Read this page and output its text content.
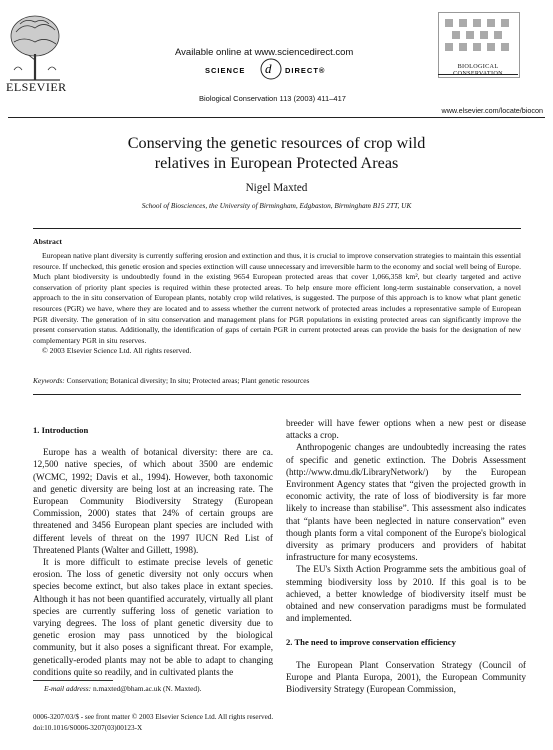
ELSEVIER
Available online at www.sciencedirect.com
SCIENCE d DIRECT®
Biological Conservation 113 (2003) 411–417
BIOLOGICAL
CONSERVATION
www.elsevier.com/locate/biocon
Conserving the genetic resources of crop wild
relatives in European Protected Areas
Nigel Maxted
School of Biosciences, the University of Birmingham, Edgbaston, Birmingham B15 2TT, UK
Abstract

European native plant diversity is currently suffering erosion and extinction and thus, it is crucial to improve conservation strategies to maintain this essential resource. If unchecked, this genetic erosion and species extinction will cause unnecessary and irreversible harm to the economy and social well being of Europe. Much plant biodiversity is undoubtedly found in the existing 9654 European protected areas that cover 1,066,358 km², but clearly targeted and active conservation of priority plant species is required within these protected areas. To help ensure more efficient long-term sustainable conservation, a novel approach to the in situ conservation of European plants, notably crop wild relatives, is suggested. The purpose of this approach is to know what plant genetic resources (PGR) we have, where they are located and to assess whether the current network of protected areas includes a representative sample of European PGR diversity. The generation of in situ conservation and management plans for PGR populations in existing protected areas can significantly improve the present conservation status. Additionally, the identification of gaps of certain PGR in current protected areas can provide the basis for the designation of new complementary PGR in situ reserves.

© 2003 Elsevier Science Ltd. All rights reserved.

Keywords: Conservation; Botanical diversity; In situ; Protected areas; Plant genetic resources
1. Introduction

Europe has a wealth of botanical diversity: there are ca. 12,500 native species, of which about 3500 are endemic (WCMC, 1992; Davis et al., 1994). However, both taxonomic and genetic diversity are being lost at an increasing rate. The European Community Biodiversity Strategy (European Commission, 2000) states that 24% of certain groups are threatened and 3456 European plant species are included with different levels of threat on the 1997 IUCN Red List of Threatened Plants (Walter and Gillett, 1998).

It is more difficult to estimate precise levels of genetic erosion. The loss of genetic diversity not only occurs when species become extinct, but also takes place in extant species. Although it has not been quantified accurately, virtually all plant species are currently suffering loss of genetic variation to varying degrees. The loss of plant genetic diversity due to genetic erosion may pass unnoticed by the biological community, but it also poses a significant threat. For example, genetically-eroded plants may not be able to adapt to changing conditions quite so readily, and in cultivated plants the

breeder will have fewer options when a new pest or disease attacks a crop.

Anthropogenic changes are undoubtedly increasing the rates of specific and genetic extinction. The Dobris Assessment (http://www.dmu.dk/LibraryNetwork/) by the European Environment Agency states that “given the projected growth in economic activity, the rate of loss of biodiversity is far more likely to increase than stabilise”. This assessment also indicates that “plants have been neglected in nature conservation” even though plants form a vital component of the Europe's biological diversity as primary producers and providers of habitat infrastructure for many ecosystems.

The EU's Sixth Action Programme sets the ambitious goal of stemming biodiversity loss by 2010. If this goal is to be achieved, a better knowledge of biodiversity itself must be obtained and new conservation paradigms must be formulated and implemented.

2. The need to improve conservation efficiency

The European Plant Conservation Strategy (Council of Europe and Planta Europa, 2001), the European Community Biodiversity Strategy (European Commission,

E-mail address: n.maxted@bham.ac.uk (N. Maxted).
0006-3207/03/$ - see front matter © 2003 Elsevier Science Ltd. All rights reserved.
doi:10.1016/S0006-3207(03)00123-X
